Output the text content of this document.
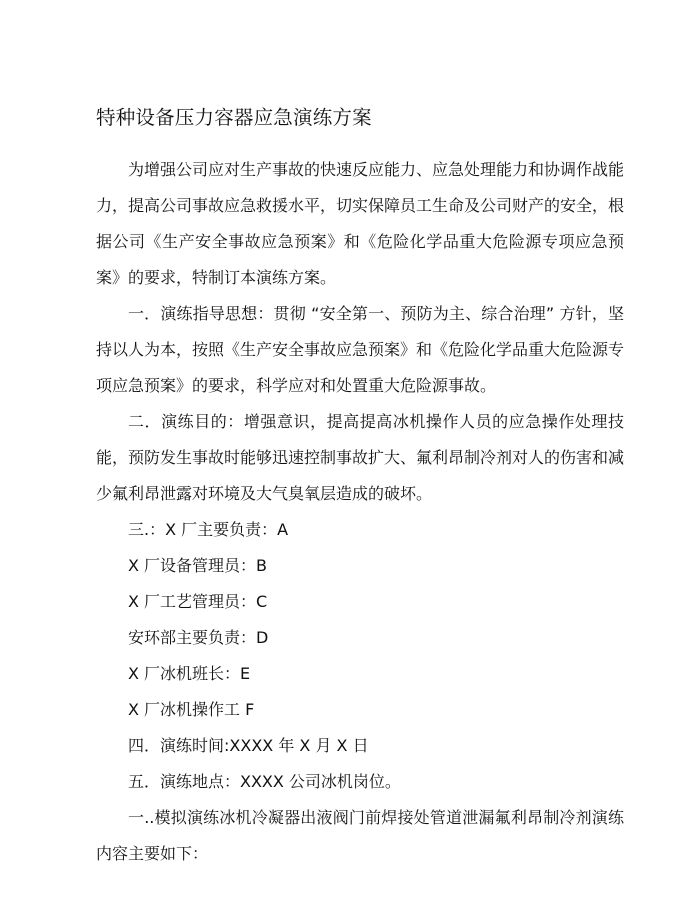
特种设备压力容器应急演练方案

为增强公司应对生产事故的快速反应能力、应急处理能力和协调作战能力，提高公司事故应急救援水平，切实保障员工生命及公司财产的安全，根据公司《生产安全事故应急预案》和《危险化学品重大危险源专项应急预案》的要求，特制订本演练方案。

一．演练指导思想：贯彻 “安全第一、预防为主、综合治理” 方针，坚持以人为本，按照《生产安全事故应急预案》和《危险化学品重大危险源专项应急预案》的要求，科学应对和处置重大危险源事故。

二．演练目的：增强意识，提高提高冰机操作人员的应急操作处理技能，预防发生事故时能够迅速控制事故扩大、氟利昂制冷剂对人的伤害和减少氟利昂泄露对环境及大气臭氧层造成的破坏。

三.：X 厂主要负责：A

X 厂设备管理员：B

X 厂工艺管理员：C

安环部主要负责：D

X 厂冰机班长：E

X 厂冰机操作工 F

四．演练时间:XXXX 年 X 月 X 日

五．演练地点：XXXX 公司冰机岗位。

一..模拟演练冰机冷凝器出液阀门前焊接处管道泄漏氟利昂制冷剂演练内容主要如下：
